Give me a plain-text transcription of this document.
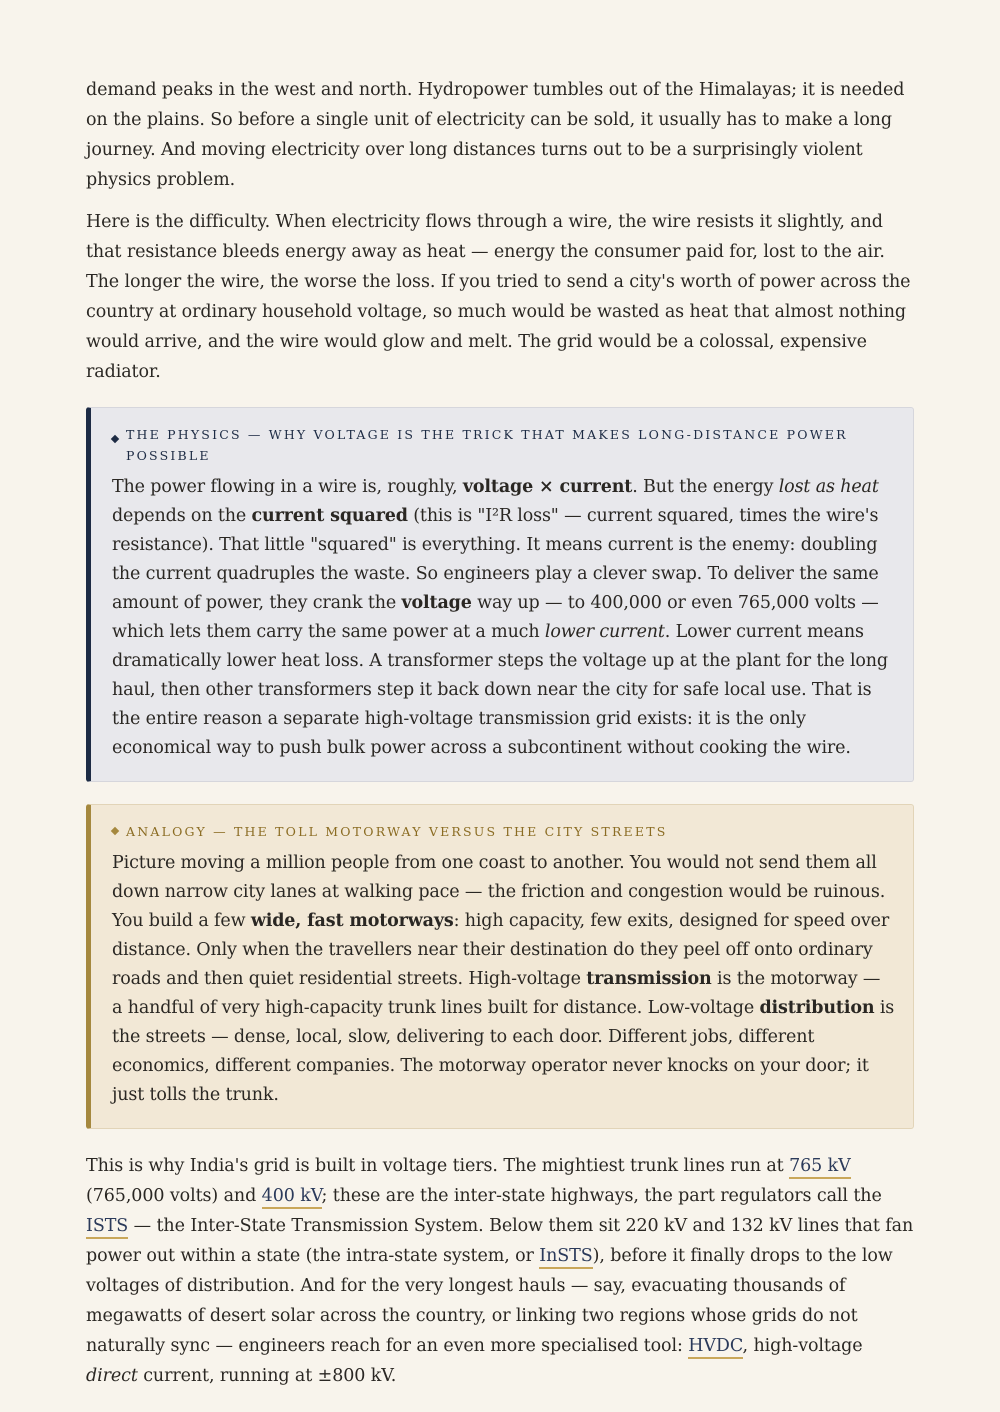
demand peaks in the west and north. Hydropower tumbles out of the Himalayas; it is needed on the plains. So before a single unit of electricity can be sold, it usually has to make a long journey. And moving electricity over long distances turns out to be a surprisingly violent physics problem.

Here is the difficulty. When electricity flows through a wire, the wire resists it slightly, and that resistance bleeds energy away as heat — energy the consumer paid for, lost to the air. The longer the wire, the worse the loss. If you tried to send a city's worth of power across the country at ordinary household voltage, so much would be wasted as heat that almost nothing would arrive, and the wire would glow and melt. The grid would be a colossal, expensive radiator.

THE PHYSICS — WHY VOLTAGE IS THE TRICK THAT MAKES LONG-DISTANCE POWER POSSIBLE

The power flowing in a wire is, roughly, voltage × current. But the energy lost as heat depends on the current squared (this is "I²R loss" — current squared, times the wire's resistance). That little "squared" is everything. It means current is the enemy: doubling the current quadruples the waste. So engineers play a clever swap. To deliver the same amount of power, they crank the voltage way up — to 400,000 or even 765,000 volts — which lets them carry the same power at a much lower current. Lower current means dramatically lower heat loss. A transformer steps the voltage up at the plant for the long haul, then other transformers step it back down near the city for safe local use. That is the entire reason a separate high-voltage transmission grid exists: it is the only economical way to push bulk power across a subcontinent without cooking the wire.

ANALOGY — THE TOLL MOTORWAY VERSUS THE CITY STREETS

Picture moving a million people from one coast to another. You would not send them all down narrow city lanes at walking pace — the friction and congestion would be ruinous. You build a few wide, fast motorways: high capacity, few exits, designed for speed over distance. Only when the travellers near their destination do they peel off onto ordinary roads and then quiet residential streets. High-voltage transmission is the motorway — a handful of very high-capacity trunk lines built for distance. Low-voltage distribution is the streets — dense, local, slow, delivering to each door. Different jobs, different economics, different companies. The motorway operator never knocks on your door; it just tolls the trunk.

This is why India's grid is built in voltage tiers. The mightiest trunk lines run at 765 kV (765,000 volts) and 400 kV; these are the inter-state highways, the part regulators call the ISTS — the Inter-State Transmission System. Below them sit 220 kV and 132 kV lines that fan power out within a state (the intra-state system, or InSTS), before it finally drops to the low voltages of distribution. And for the very longest hauls — say, evacuating thousands of megawatts of desert solar across the country, or linking two regions whose grids do not naturally sync — engineers reach for an even more specialised tool: HVDC, high-voltage direct current, running at ±800 kV.
